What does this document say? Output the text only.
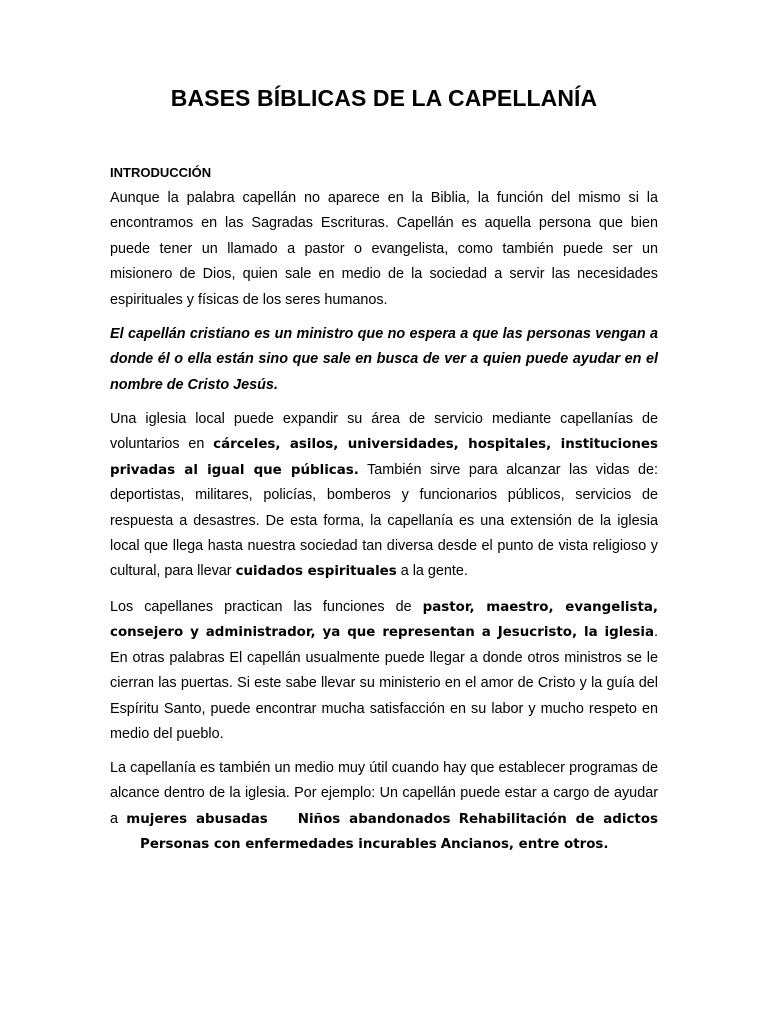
BASES BÍBLICAS DE LA CAPELLANÍA
INTRODUCCIÓN

Aunque la palabra capellán no aparece en la Biblia, la función del mismo si la encontramos en las Sagradas Escrituras. Capellán es aquella persona que bien puede tener un llamado a pastor o evangelista, como también puede ser un misionero de Dios, quien sale en medio de la sociedad a servir las necesidades espirituales y físicas de los seres humanos.

El capellán cristiano es un ministro que no espera a que las personas vengan a donde él o ella están sino que sale en busca de ver a quien puede ayudar en el nombre de Cristo Jesús.

Una iglesia local puede expandir su área de servicio mediante capellanías de voluntarios en cárceles, asilos, universidades, hospitales, instituciones privadas al igual que públicas. También sirve para alcanzar las vidas de: deportistas, militares, policías, bomberos y funcionarios públicos, servicios de respuesta a desastres. De esta forma, la capellanía es una extensión de la iglesia local que llega hasta nuestra sociedad tan diversa desde el punto de vista religioso y cultural, para llevar cuidados espirituales a la gente.

Los capellanes practican las funciones de pastor, maestro, evangelista, consejero y administrador, ya que representan a Jesucristo, la iglesia. En otras palabras El capellán usualmente puede llegar a donde otros ministros se le cierran las puertas. Si este sabe llevar su ministerio en el amor de Cristo y la guía del Espíritu Santo, puede encontrar mucha satisfacción en su labor y mucho respeto en medio del pueblo.

La capellanía es también un medio muy útil cuando hay que establecer programas de alcance dentro de la iglesia. Por ejemplo: Un capellán puede estar a cargo de ayudar a mujeres abusadas Niños abandonados Rehabilitación de adictosPersonas con enfermedades incurables Ancianos, entre otros.
